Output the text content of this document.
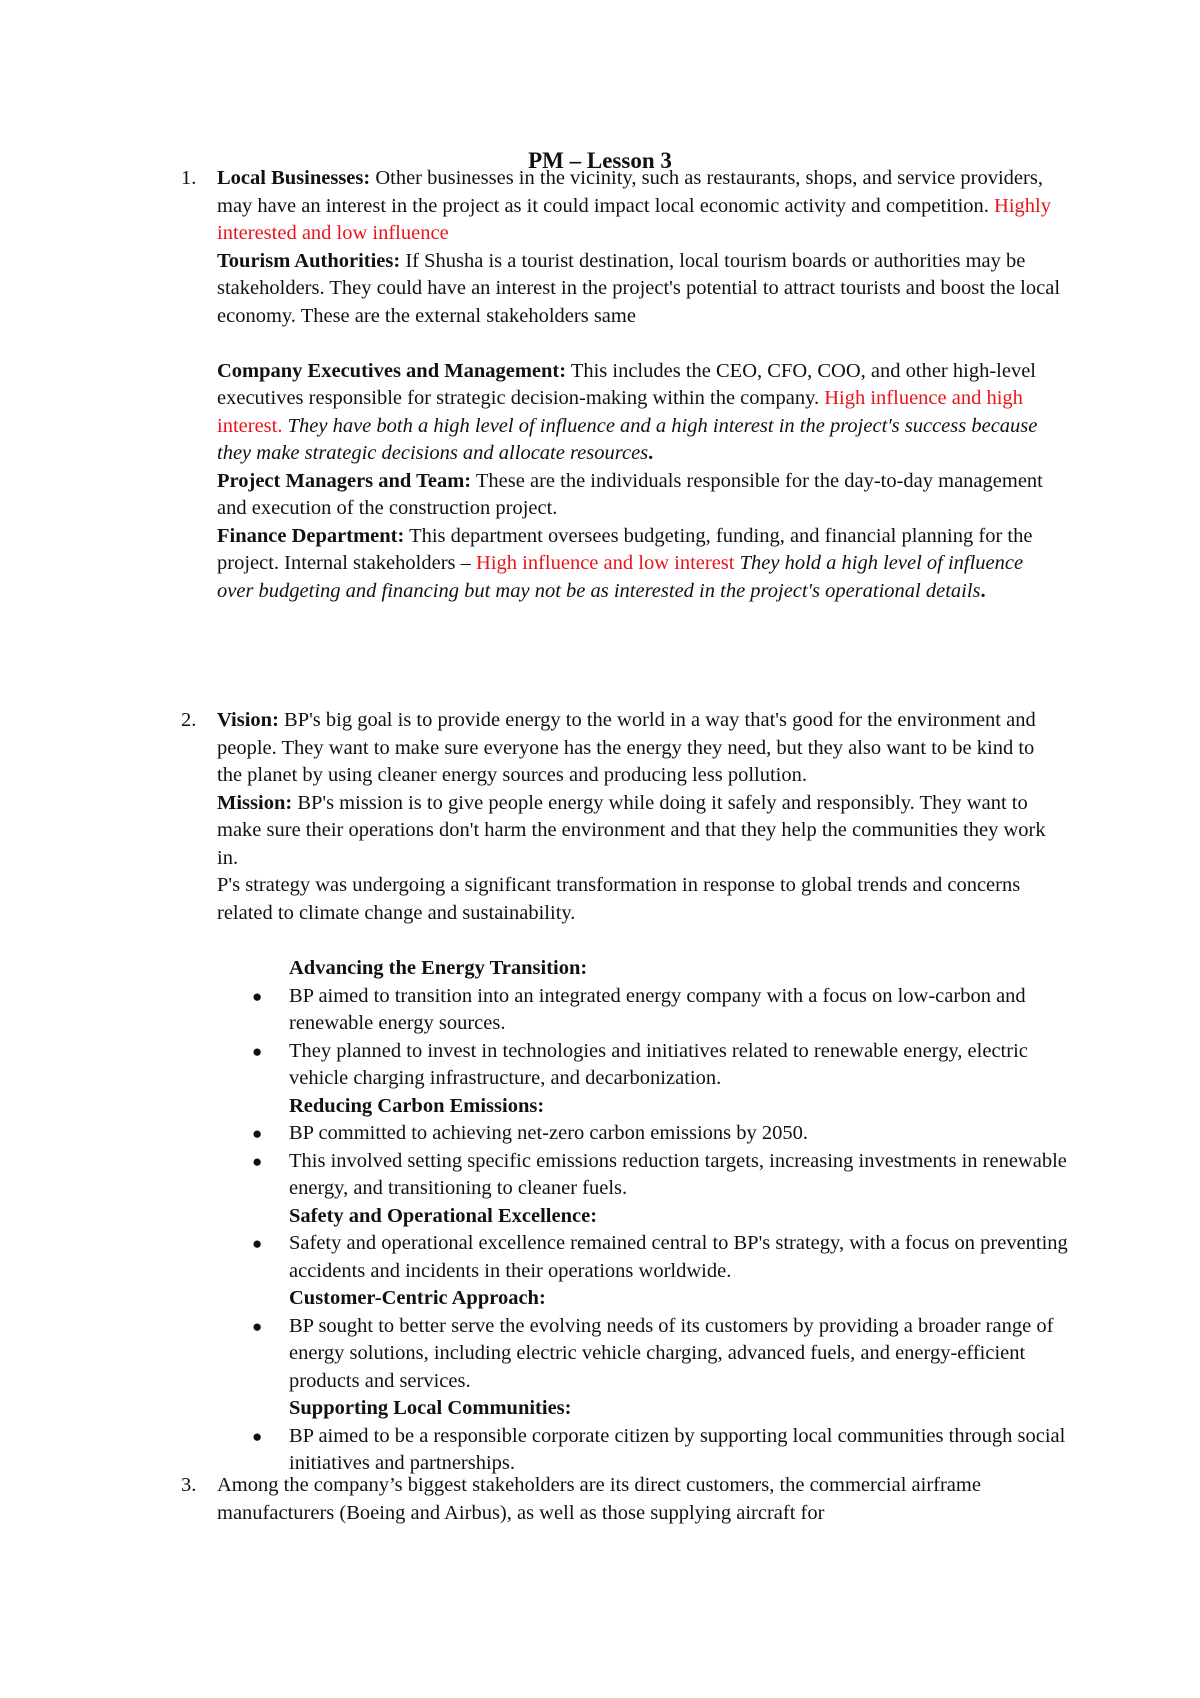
PM – Lesson 3
1. Local Businesses: Other businesses in the vicinity, such as restaurants, shops, and service providers, may have an interest in the project as it could impact local economic activity and competition. Highly interested and low influence

Tourism Authorities: If Shusha is a tourist destination, local tourism boards or authorities may be stakeholders. They could have an interest in the project's potential to attract tourists and boost the local economy. These are the external stakeholders same

Company Executives and Management: This includes the CEO, CFO, COO, and other high-level executives responsible for strategic decision-making within the company. High influence and high interest. They have both a high level of influence and a high interest in the project's success because they make strategic decisions and allocate resources.

Project Managers and Team: These are the individuals responsible for the day-to-day management and execution of the construction project.

Finance Department: This department oversees budgeting, funding, and financial planning for the project. Internal stakeholders – High influence and low interest They hold a high level of influence over budgeting and financing but may not be as interested in the project's operational details.

2. Vision: BP's big goal is to provide energy to the world in a way that's good for the environment and people. They want to make sure everyone has the energy they need, but they also want to be kind to the planet by using cleaner energy sources and producing less pollution.

Mission: BP's mission is to give people energy while doing it safely and responsibly. They want to make sure their operations don't harm the environment and that they help the communities they work in.

P's strategy was undergoing a significant transformation in response to global trends and concerns related to climate change and sustainability.

Advancing the Energy Transition:
● BP aimed to transition into an integrated energy company with a focus on low-carbon and renewable energy sources.
● They planned to invest in technologies and initiatives related to renewable energy, electric vehicle charging infrastructure, and decarbonization.
Reducing Carbon Emissions:
● BP committed to achieving net-zero carbon emissions by 2050.
● This involved setting specific emissions reduction targets, increasing investments in renewable energy, and transitioning to cleaner fuels.
Safety and Operational Excellence:
● Safety and operational excellence remained central to BP's strategy, with a focus on preventing accidents and incidents in their operations worldwide.
Customer-Centric Approach:
● BP sought to better serve the evolving needs of its customers by providing a broader range of energy solutions, including electric vehicle charging, advanced fuels, and energy-efficient products and services.
Supporting Local Communities:
● BP aimed to be a responsible corporate citizen by supporting local communities through social initiatives and partnerships.
3. Among the company’s biggest stakeholders are its direct customers, the commercial airframe manufacturers (Boeing and Airbus), as well as those supplying aircraft for
